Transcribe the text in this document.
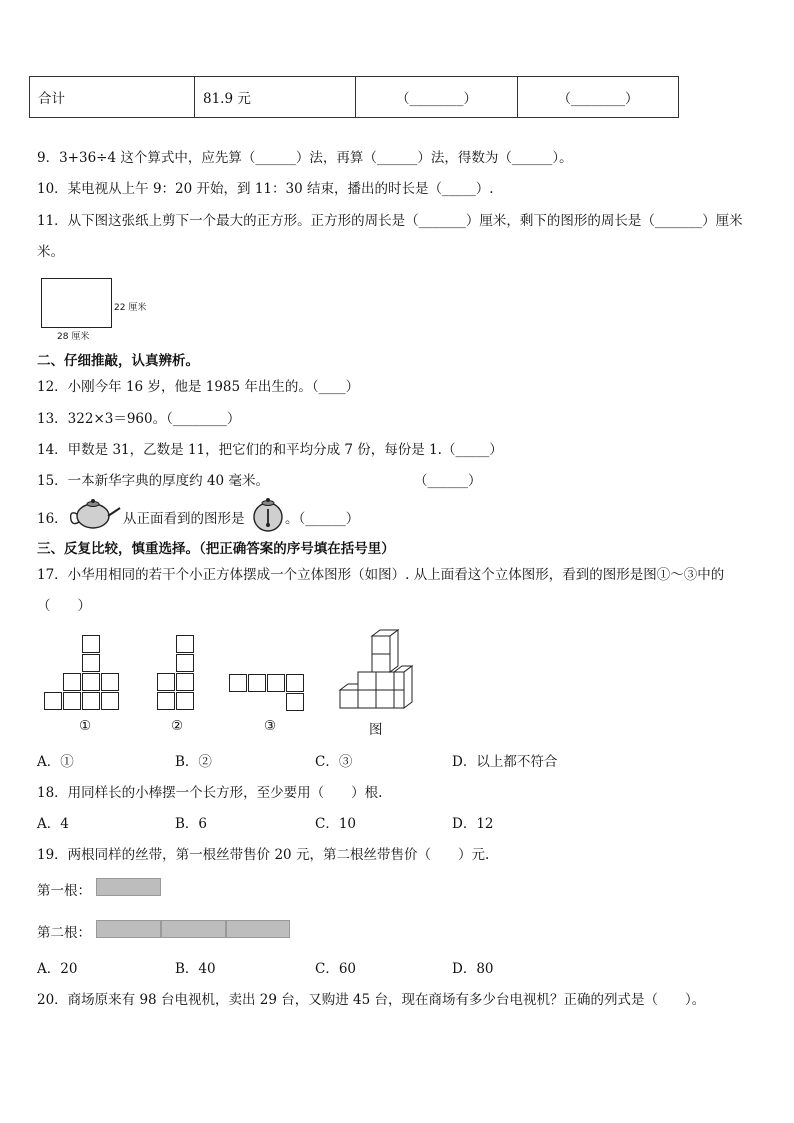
合计	81.9 元	（________）	（________）
9．3+36÷4 这个算式中，应先算（______）法，再算（______）法，得数为（______）。
10．某电视从上午 9：20 开始，到 11：30 结束，播出的时长是（_____）.
11．从下图这张纸上剪下一个最大的正方形。正方形的周长是（_______）厘米，剩下的图形的周长是（_______）厘米
米。
22 厘米
28 厘米
二、仔细推敲，认真辨析。
12．小刚今年 16 岁，他是 1985 年出生的。（____）
13．322×3＝960。（________）
14．甲数是 31，乙数是 11，把它们的和平均分成 7 份，每份是 1.（_____）
15．一本新华字典的厚度约 40 毫米。	（______）
16．	从正面看到的图形是	。（______）
三、反复比较，慎重选择。（把正确答案的序号填在括号里）
17．小华用相同的若干个小正方体摆成一个立体图形（如图）. 从上面看这个立体图形，看到的图形是图①～③中的
（　　）
①	②	③	图
A．①	B．②	C．③	D．以上都不符合
18．用同样长的小棒摆一个长方形，至少要用（　　）根.
A．4	B．6	C．10	D．12
19．两根同样的丝带，第一根丝带售价 20 元，第二根丝带售价（　　）元.
第一根：
第二根：
A．20	B．40	C．60	D．80
20．商场原来有 98 台电视机，卖出 29 台，又购进 45 台，现在商场有多少台电视机？正确的列式是（　　）。
